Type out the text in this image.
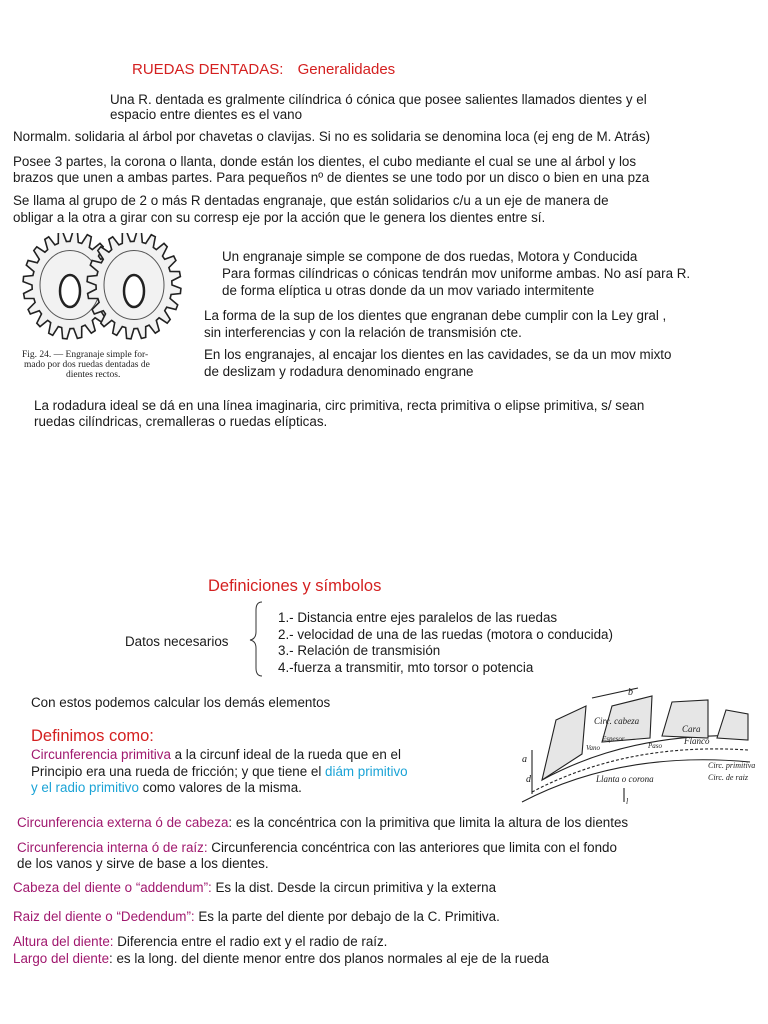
RUEDAS DENTADAS: Generalidades
Una R. dentada es gralmente cilíndrica ó cónica que posee salientes llamados dientes y el
espacio entre dientes es el vano
Normalm. solidaria al árbol por chavetas o clavijas. Si no es solidaria se denomina loca (ej eng de M. Atrás)
Posee 3 partes, la corona o llanta, donde están los dientes, el cubo mediante el cual se une al árbol y los
brazos que unen a ambas partes. Para pequeños nº de dientes se une todo por un disco o bien en una pza
Se llama al grupo de 2 o más R dentadas engranaje, que están solidarios c/u a un eje de manera de
obligar a la otra a girar con su corresp eje por la acción que le genera los dientes entre sí.
Fig. 24. — Engranaje simple for-
mado por dos ruedas dentadas de
dientes rectos.
Un engranaje simple se compone de dos ruedas, Motora y Conducida
Para formas cilíndricas o cónicas tendrán mov uniforme ambas. No así para R.
de forma elíptica u otras donde da un mov variado intermitente
La forma de la sup de los dientes que engranan debe cumplir con la Ley gral ,
sin interferencias y con la relación de transmisión cte.
En los engranajes, al encajar los dientes en las cavidades, se da un mov mixto
de deslizam y rodadura denominado engrane
La rodadura ideal se dá en una línea imaginaria, circ primitiva, recta primitiva o elipse primitiva, s/ sean
ruedas cilíndricas, cremalleras o ruedas elípticas.
Definiciones y símbolos
Datos necesarios
1.- Distancia entre ejes paralelos de las ruedas
2.- velocidad de una de las ruedas (motora o conducida)
3.- Relación de transmisión
4.-fuerza a transmitir, mto torsor o potencia
Con estos podemos calcular los demás elementos
Definimos como:
b
a
d
Circ. cabeza
Espesor
Vano	Paso
Cara
Flanco
Circ. primitiva
Circ. de raiz
Llanta o corona
l
Circunferencia primitiva a la circunf ideal de la rueda que en el
Principio era una rueda de fricción; y que tiene el diám primitivo
y el radio primitivo como valores de la misma.
Circunferencia externa ó de cabeza: es la concéntrica con la primitiva que limita la altura de los dientes
Circunferencia interna ó de raíz: Circunferencia concéntrica con las anteriores que limita con el fondo
de los vanos y sirve de base a los dientes.
Cabeza del diente o “addendum”: Es la dist. Desde la circun primitiva y la externa
Raiz del diente o “Dedendum”: Es la parte del diente por debajo de la C. Primitiva.
Altura del diente: Diferencia entre el radio ext y el radio de raíz.
Largo del diente: es la long. del diente menor entre dos planos normales al eje de la rueda
